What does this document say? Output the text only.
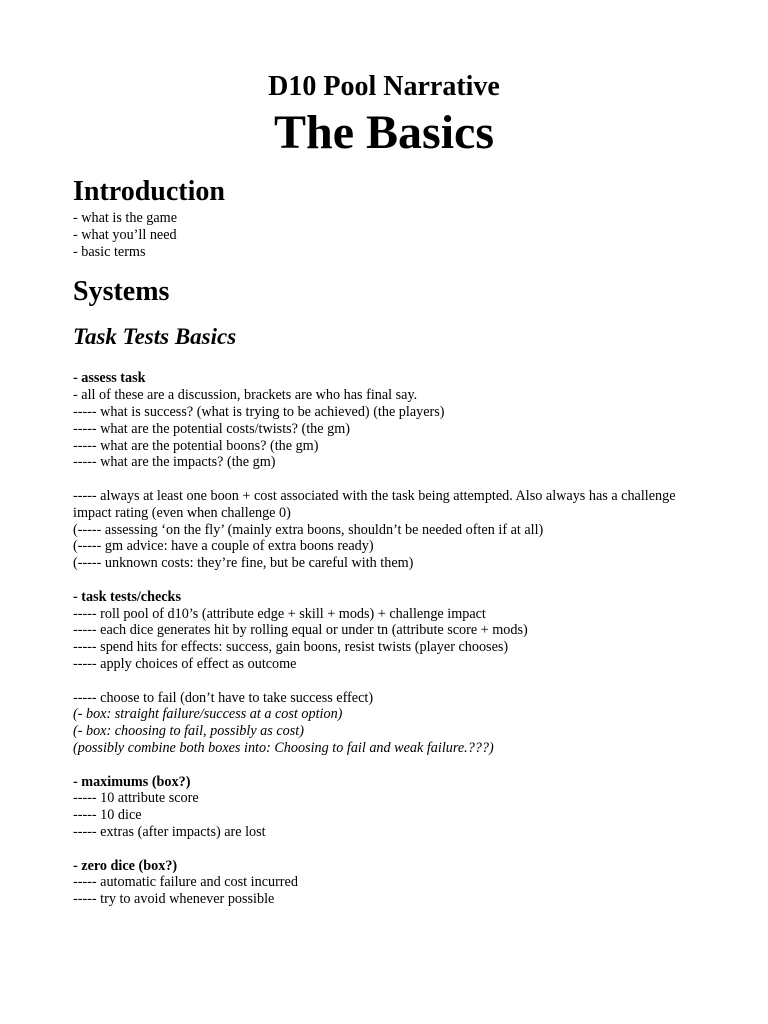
D10 Pool Narrative
The Basics
Introduction
- what is the game
- what you’ll need
- basic terms
Systems
Task Tests Basics
- assess task
- all of these are a discussion, brackets are who has final say.
----- what is success? (what is trying to be achieved) (the players)
----- what are the potential costs/twists? (the gm)
----- what are the potential boons? (the gm)
----- what are the impacts? (the gm)
----- always at least one boon + cost associated with the task being attempted. Also always has a challenge impact rating (even when challenge 0)
(----- assessing ‘on the fly’ (mainly extra boons, shouldn’t be needed often if at all)
(----- gm advice: have a couple of extra boons ready)
(----- unknown costs: they’re fine, but be careful with them)
- task tests/checks
----- roll pool of d10’s (attribute edge + skill + mods) + challenge impact
----- each dice generates hit by rolling equal or under tn (attribute score + mods)
----- spend hits for effects: success, gain boons, resist twists (player chooses)
----- apply choices of effect as outcome
----- choose to fail (don’t have to take success effect)
(- box: straight failure/success at a cost option)
(- box: choosing to fail, possibly as cost)
(possibly combine both boxes into: Choosing to fail and weak failure.???)
- maximums (box?)
----- 10 attribute score
----- 10 dice
----- extras (after impacts) are lost
- zero dice (box?)
----- automatic failure and cost incurred
----- try to avoid whenever possible
